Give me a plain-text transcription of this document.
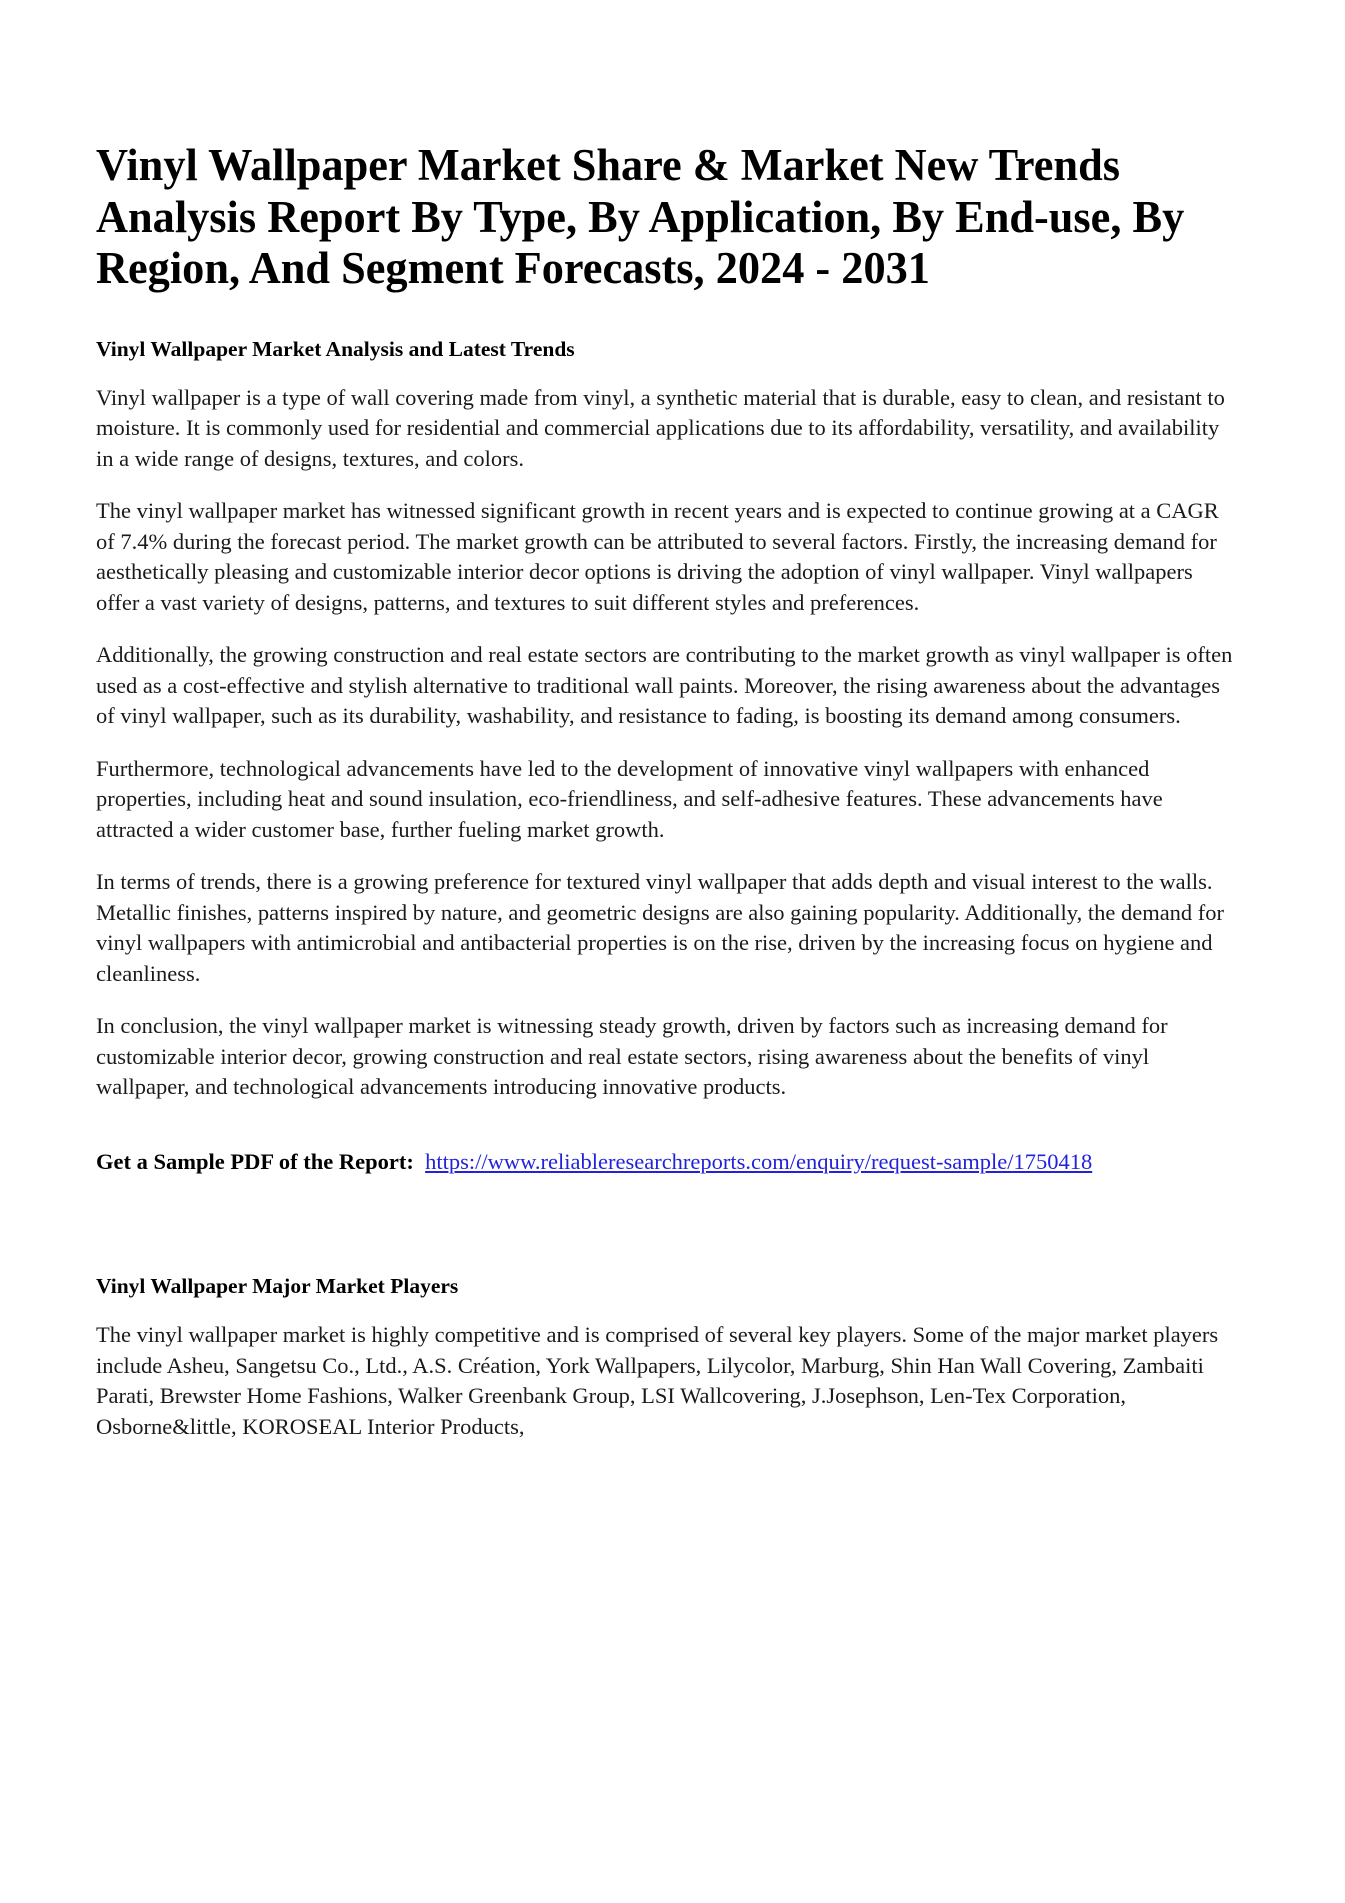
Vinyl Wallpaper Market Share & Market New Trends Analysis Report By Type, By Application, By End-use, By Region, And Segment Forecasts, 2024 - 2031
Vinyl Wallpaper Market Analysis and Latest Trends

Vinyl wallpaper is a type of wall covering made from vinyl, a synthetic material that is durable, easy to clean, and resistant to moisture. It is commonly used for residential and commercial applications due to its affordability, versatility, and availability in a wide range of designs, textures, and colors.

The vinyl wallpaper market has witnessed significant growth in recent years and is expected to continue growing at a CAGR of 7.4% during the forecast period. The market growth can be attributed to several factors. Firstly, the increasing demand for aesthetically pleasing and customizable interior decor options is driving the adoption of vinyl wallpaper. Vinyl wallpapers offer a vast variety of designs, patterns, and textures to suit different styles and preferences.

Additionally, the growing construction and real estate sectors are contributing to the market growth as vinyl wallpaper is often used as a cost-effective and stylish alternative to traditional wall paints. Moreover, the rising awareness about the advantages of vinyl wallpaper, such as its durability, washability, and resistance to fading, is boosting its demand among consumers.

Furthermore, technological advancements have led to the development of innovative vinyl wallpapers with enhanced properties, including heat and sound insulation, eco-friendliness, and self-adhesive features. These advancements have attracted a wider customer base, further fueling market growth.

In terms of trends, there is a growing preference for textured vinyl wallpaper that adds depth and visual interest to the walls. Metallic finishes, patterns inspired by nature, and geometric designs are also gaining popularity. Additionally, the demand for vinyl wallpapers with antimicrobial and antibacterial properties is on the rise, driven by the increasing focus on hygiene and cleanliness.

In conclusion, the vinyl wallpaper market is witnessing steady growth, driven by factors such as increasing demand for customizable interior decor, growing construction and real estate sectors, rising awareness about the benefits of vinyl wallpaper, and technological advancements introducing innovative products.

Get a Sample PDF of the Report: https://www.reliableresearchreports.com/enquiry/request-sample/1750418

Vinyl Wallpaper Major Market Players

The vinyl wallpaper market is highly competitive and is comprised of several key players. Some of the major market players include Asheu, Sangetsu Co., Ltd., A.S. Création, York Wallpapers, Lilycolor, Marburg, Shin Han Wall Covering, Zambaiti Parati, Brewster Home Fashions, Walker Greenbank Group, LSI Wallcovering, J.Josephson, Len-Tex Corporation, Osborne&little, KOROSEAL Interior Products,
